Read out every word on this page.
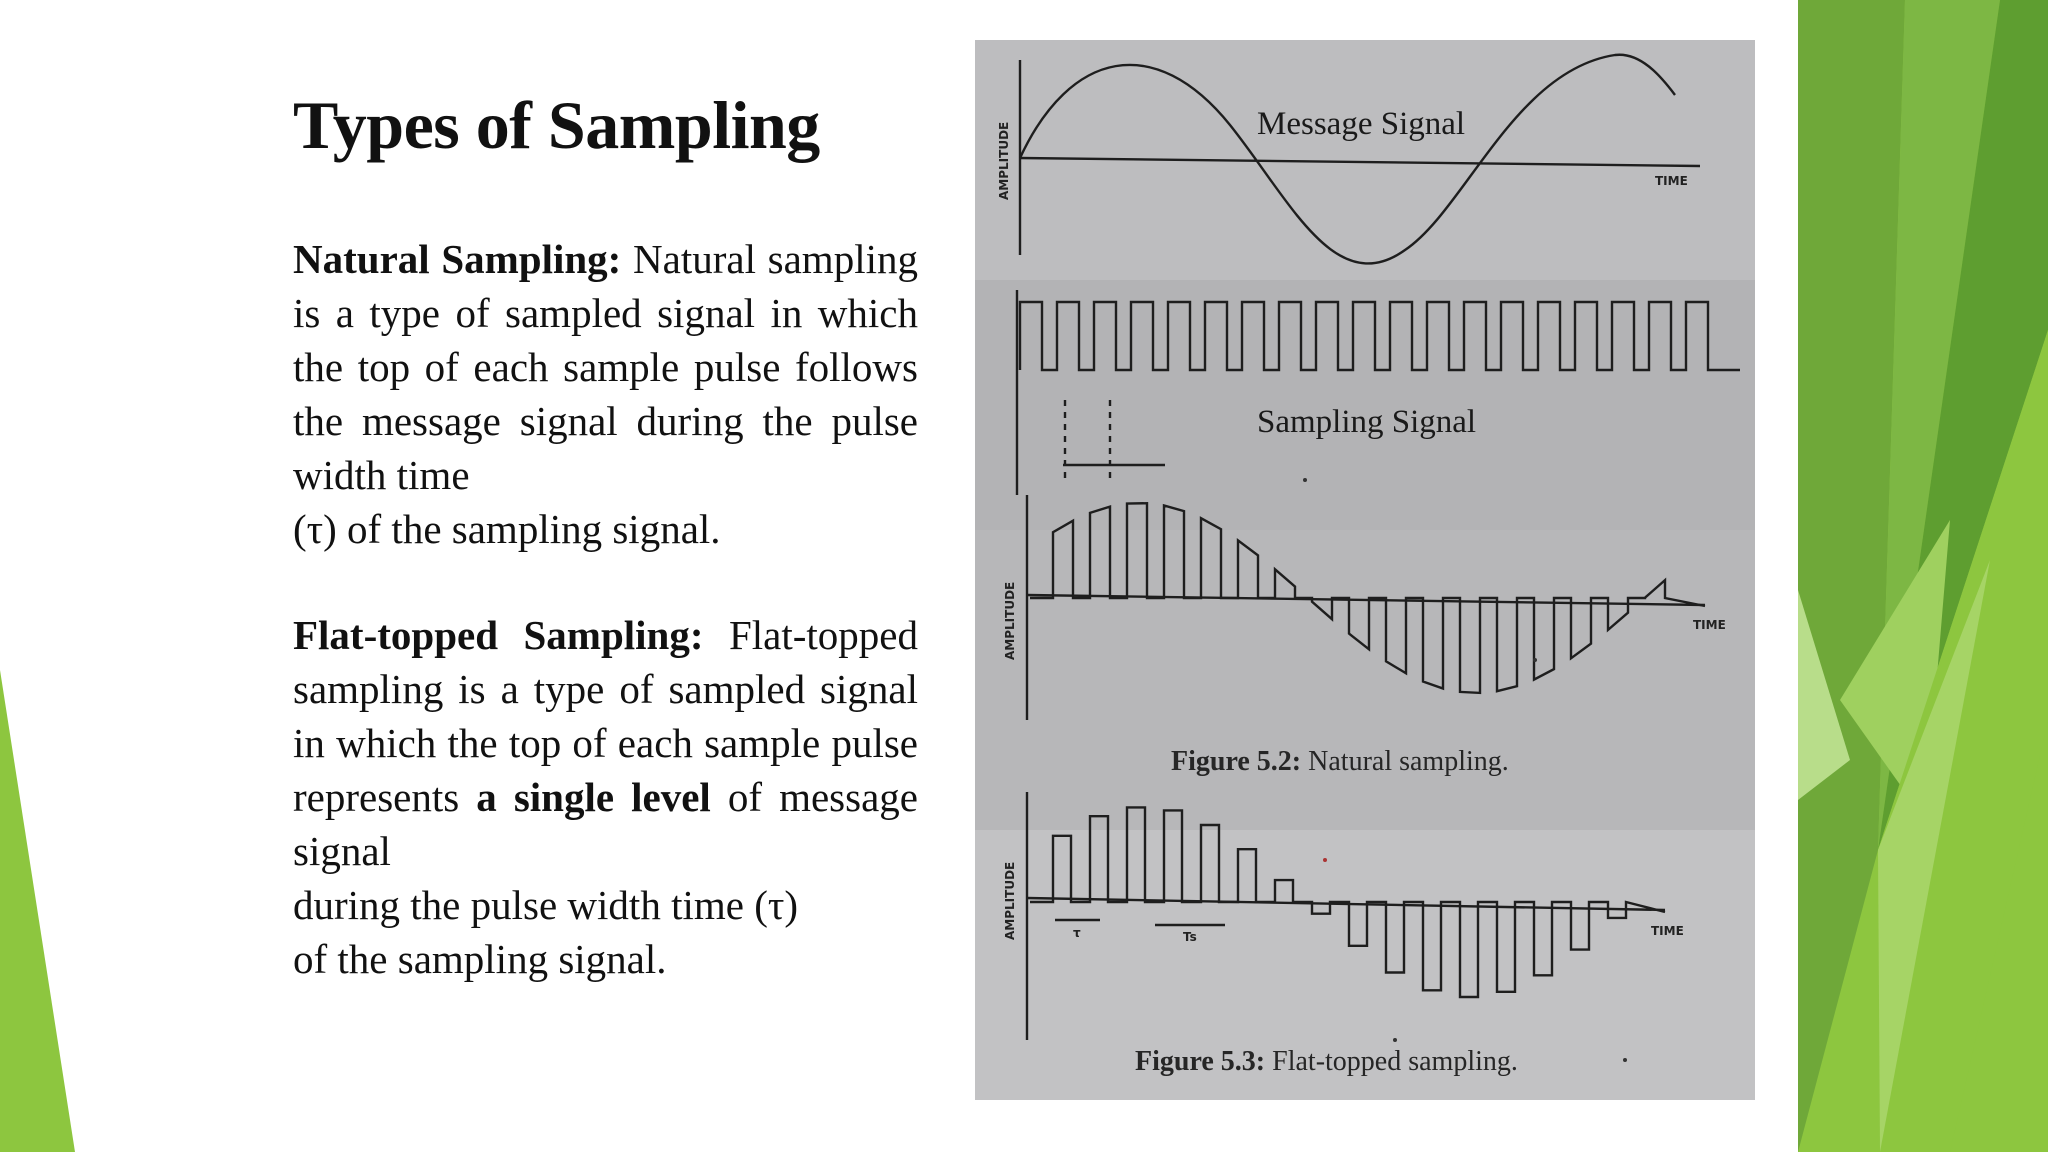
Types of Sampling

Natural Sampling: Natural sampling is a type of sampled signal in which the top of each sample pulse follows the message signal during the pulse width time
(τ) of the sampling signal.

Flat-topped Sampling: Flat-topped sampling is a type of sampled signal in which the top of each sample pulse represents a single level of message signal
during the pulse width time (τ)
of the sampling signal.

Message Signal
Sampling Signal
AMPLITUDE
AMPLITUDE
AMPLITUDE
TIME
TIME
TIME
τ	Ts
Figure 5.2: Natural sampling.
Figure 5.3: Flat-topped sampling.
